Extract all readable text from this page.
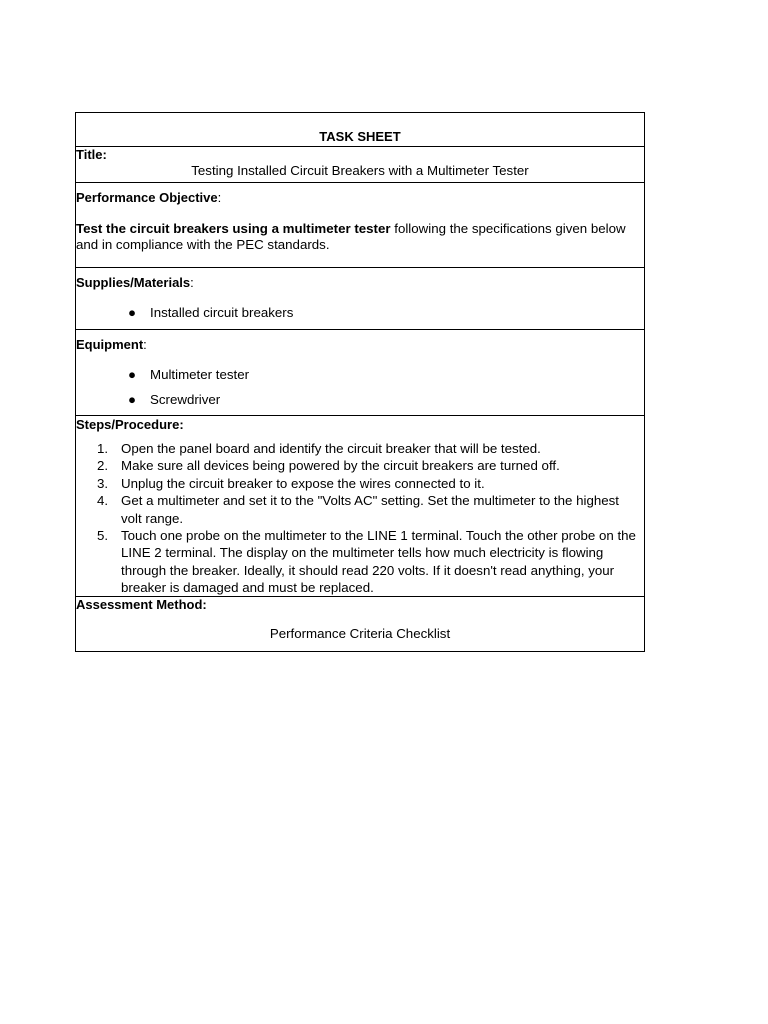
TASK SHEET
Title:
Testing Installed Circuit Breakers with a Multimeter Tester
Performance Objective:
Test the circuit breakers using a multimeter tester following the specifications given below and in compliance with the PEC standards.
Supplies/Materials:
● Installed circuit breakers
Equipment:
● Multimeter tester
● Screwdriver
Steps/Procedure:
1. Open the panel board and identify the circuit breaker that will be tested.
2. Make sure all devices being powered by the circuit breakers are turned off.
3. Unplug the circuit breaker to expose the wires connected to it.
4. Get a multimeter and set it to the "Volts AC" setting. Set the multimeter to the highest volt range.
5. Touch one probe on the multimeter to the LINE 1 terminal. Touch the other probe on the LINE 2 terminal. The display on the multimeter tells how much electricity is flowing through the breaker. Ideally, it should read 220 volts. If it doesn't read anything, your breaker is damaged and must be replaced.
Assessment Method:
Performance Criteria Checklist
